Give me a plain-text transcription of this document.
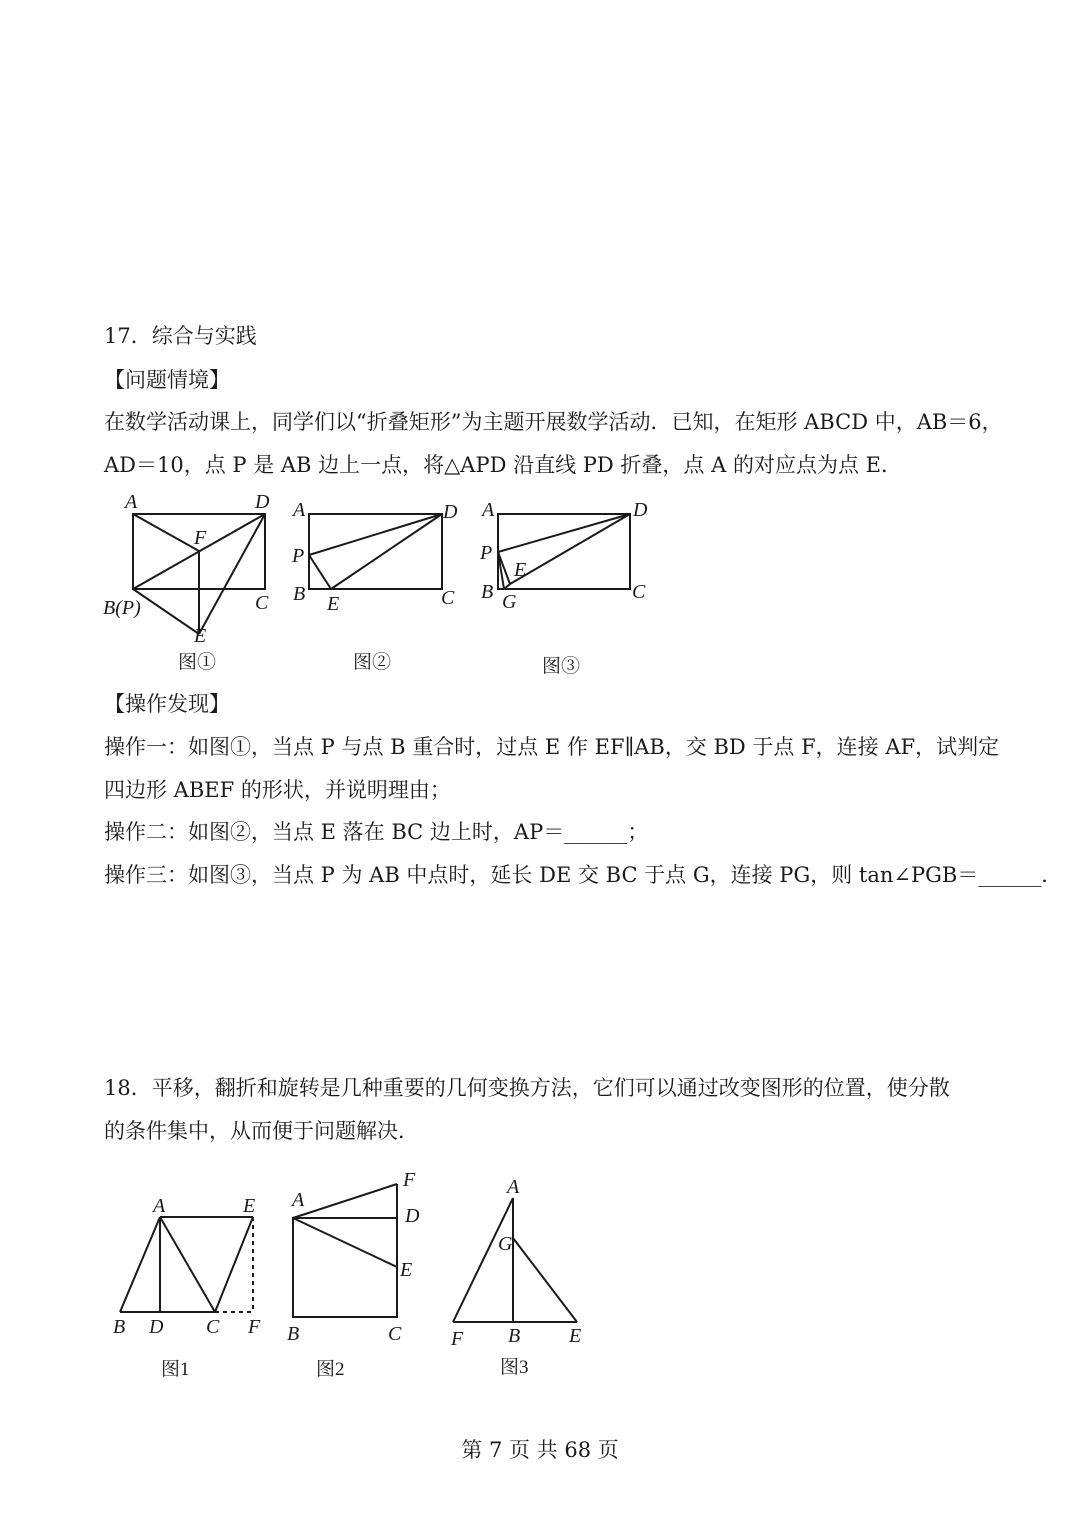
17．综合与实践
【问题情境】
在数学活动课上，同学们以“折叠矩形”为主题开展数学活动．已知，在矩形 ABCD 中，AB＝6，
AD＝10，点 P 是 AB 边上一点，将△APD 沿直线 PD 折叠，点 A 的对应点为点 E．
A	D
F
B(P)	C
E
图①
A	D
P
B E	C
图②
A	D
P
E
B G	C
图③
【操作发现】
操作一：如图①，当点 P 与点 B 重合时，过点 E 作 EF∥AB，交 BD 于点 F，连接 AF，试判定
四边形 ABEF 的形状，并说明理由；
操作二：如图②，当点 E 落在 BC 边上时，AP＝______；
操作三：如图③，当点 P 为 AB 中点时，延长 DE 交 BC 于点 G，连接 PG，则 tan∠PGB＝______．
18．平移，翻折和旋转是几种重要的几何变换方法，它们可以通过改变图形的位置，使分散
的条件集中，从而便于问题解决．
A	E
B D C F
图1
F
A
D
E
B	C
图2
A
G
F B E
图3
第 7 页 共 68 页
